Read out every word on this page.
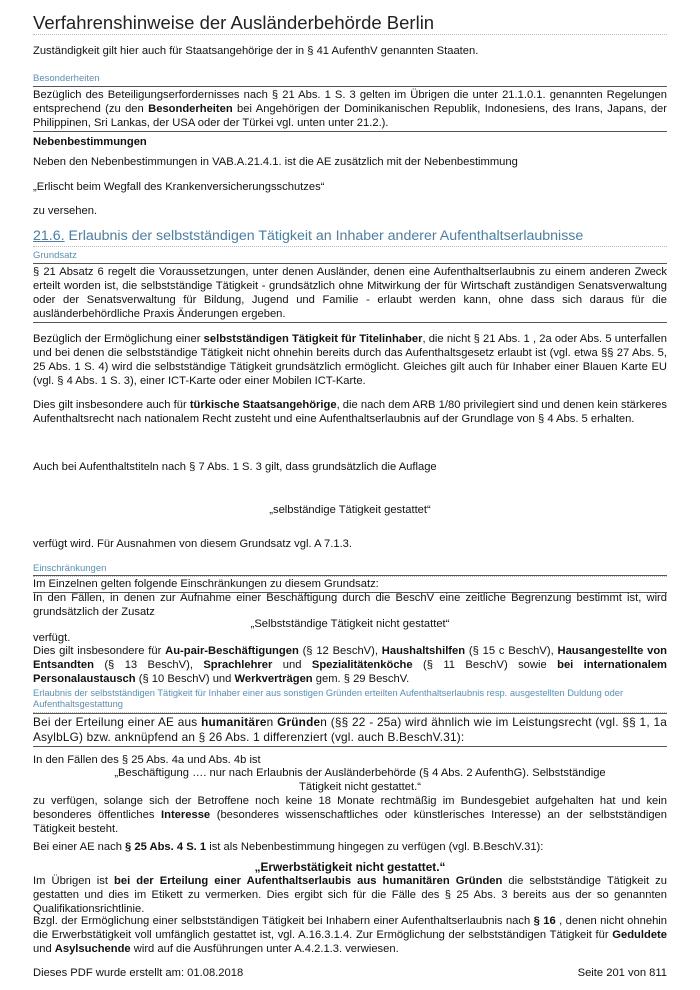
Verfahrenshinweise der Ausländerbehörde Berlin
Zuständigkeit gilt hier auch für Staatsangehörige der in § 41 AufenthV genannten Staaten.
Besonderheiten
Bezüglich des Beteiligungserfordernisses nach § 21 Abs. 1 S. 3 gelten im Übrigen die unter 21.1.0.1. genannten Regelungen entsprechend (zu den Besonderheiten bei Angehörigen der Dominikanischen Republik, Indonesiens, des Irans, Japans, der Philippinen, Sri Lankas, der USA oder der Türkei vgl. unten unter 21.2.).
Nebenbestimmungen
Neben den Nebenbestimmungen in VAB.A.21.4.1. ist die AE zusätzlich mit der Nebenbestimmung
„Erlischt beim Wegfall des Krankenversicherungsschutzes“
zu versehen.
21.6. Erlaubnis der selbstständigen Tätigkeit an Inhaber anderer Aufenthaltserlaubnisse
Grundsatz
§ 21 Absatz 6 regelt die Voraussetzungen, unter denen Ausländer, denen eine Aufenthaltserlaubnis zu einem anderen Zweck erteilt worden ist, die selbstständige Tätigkeit - grundsätzlich ohne Mitwirkung der für Wirtschaft zuständigen Senatsverwaltung oder der Senatsverwaltung für Bildung, Jugend und Familie - erlaubt werden kann, ohne dass sich daraus für die ausländerbehördliche Praxis Änderungen ergeben.
Bezüglich der Ermöglichung einer selbstständigen Tätigkeit für Titelinhaber, die nicht § 21 Abs. 1 , 2a oder Abs. 5 unterfallen und bei denen die selbstständige Tätigkeit nicht ohnehin bereits durch das Aufenthaltsgesetz erlaubt ist (vgl. etwa §§ 27 Abs. 5, 25 Abs. 1 S. 4) wird die selbstständige Tätigkeit grundsätzlich ermöglicht. Gleiches gilt auch für Inhaber einer Blauen Karte EU (vgl. § 4 Abs. 1 S. 3), einer ICT-Karte oder einer Mobilen ICT-Karte.
Dies gilt insbesondere auch für türkische Staatsangehörige, die nach dem ARB 1/80 privilegiert sind und denen kein stärkeres Aufenthaltsrecht nach nationalem Recht zusteht und eine Aufenthaltserlaubnis auf der Grundlage von § 4 Abs. 5 erhalten.
Auch bei Aufenthaltstiteln nach § 7 Abs. 1 S. 3 gilt, dass grundsätzlich die Auflage
„selbständige Tätigkeit gestattet“
verfügt wird. Für Ausnahmen von diesem Grundsatz vgl. A 7.1.3.
Einschränkungen
Im Einzelnen gelten folgende Einschränkungen zu diesem Grundsatz:
In den Fällen, in denen zur Aufnahme einer Beschäftigung durch die BeschV eine zeitliche Begrenzung bestimmt ist, wird grundsätzlich der Zusatz
„Selbstständige Tätigkeit nicht gestattet“
verfügt.
Dies gilt insbesondere für Au-pair-Beschäftigungen (§ 12 BeschV), Haushaltshilfen (§ 15 c BeschV), Hausangestellte von Entsandten (§ 13 BeschV), Sprachlehrer und Spezialitätenköche (§ 11 BeschV) sowie bei internationalem Personalaustausch (§ 10 BeschV) und Werkverträgen gem. § 29 BeschV.
Erlaubnis der selbstständigen Tätigkeit für Inhaber einer aus sonstigen Gründen erteilten Aufenthaltserlaubnis resp. ausgestellten Duldung oder Aufenthaltsgestattung
Bei der Erteilung einer AE aus humanitären Gründen (§§ 22 - 25a) wird ähnlich wie im Leistungsrecht (vgl. §§ 1, 1a AsylbLG) bzw. anknüpfend an § 26 Abs. 1 differenziert (vgl. auch B.BeschV.31):
In den Fällen des § 25 Abs. 4a und Abs. 4b ist
„Beschäftigung …. nur nach Erlaubnis der Ausländerbehörde (§ 4 Abs. 2 AufenthG). Selbstständige Tätigkeit nicht gestattet.“
zu verfügen, solange sich der Betroffene noch keine 18 Monate rechtmäßig im Bundesgebiet aufgehalten hat und kein besonderes öffentliches Interesse (besonderes wissenschaftliches oder künstlerisches Interesse) an der selbstständigen Tätigkeit besteht.
Bei einer AE nach § 25 Abs. 4 S. 1 ist als Nebenbestimmung hingegen zu verfügen (vgl. B.BeschV.31):
„Erwerbstätigkeit nicht gestattet.“
Im Übrigen ist bei der Erteilung einer Aufenthaltserlaubis aus humanitären Gründen die selbstständige Tätigkeit zu gestatten und dies im Etikett zu vermerken. Dies ergibt sich für die Fälle des § 25 Abs. 3 bereits aus der so genannten Qualifikationsrichtlinie.
Bzgl. der Ermöglichung einer selbstständigen Tätigkeit bei Inhabern einer Aufenthaltserlaubnis nach § 16 , denen nicht ohnehin die Erwerbstätigkeit voll umfänglich gestattet ist, vgl. A.16.3.1.4. Zur Ermöglichung der selbstständigen Tätigkeit für Geduldete und Asylsuchende wird auf die Ausführungen unter A.4.2.1.3. verwiesen.
Dieses PDF wurde erstellt am: 01.08.2018	Seite 201 von 811
